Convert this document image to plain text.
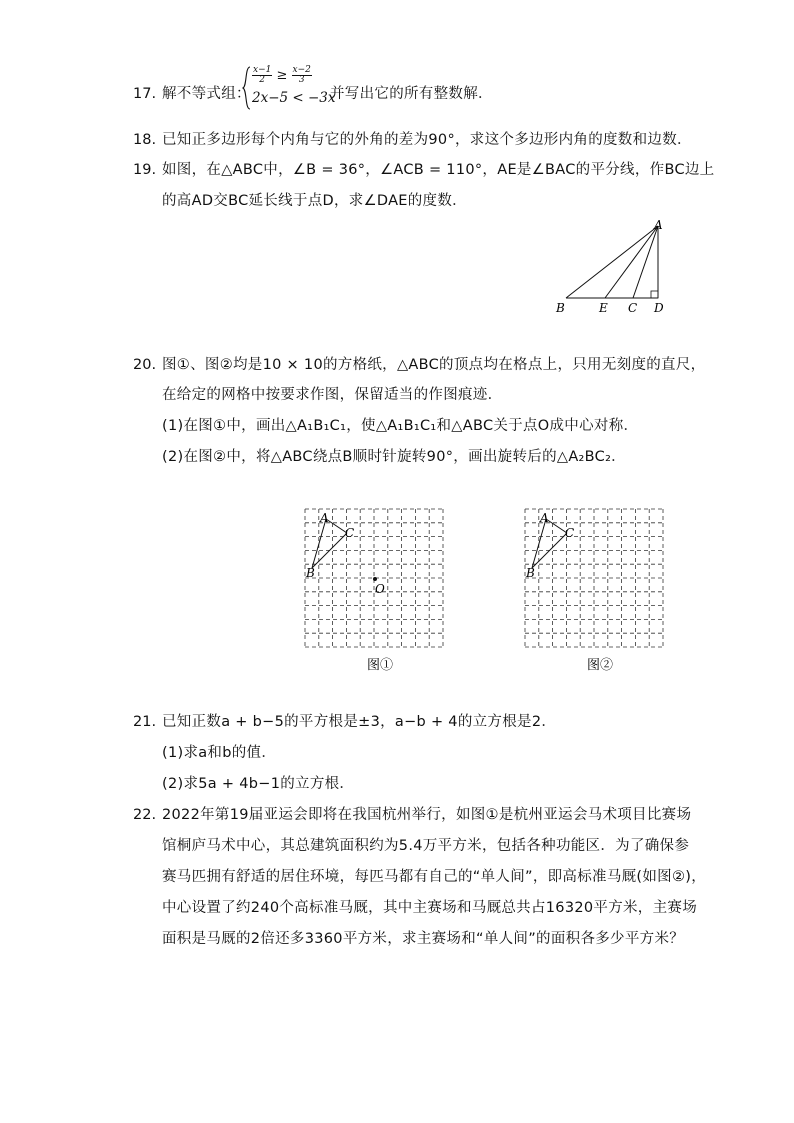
17. 解不等式组：
$\frac{x-1}{2} \ge \frac{x-2}{3}$
2x−5 < −3x
并写出它的所有整数解．
18. 已知正多边形每个内角与它的外角的差为90°，求这个多边形内角的度数和边数．
19. 如图，在△ABC中，∠B = 36°，∠ACB = 110°，AE是∠BAC的平分线，作BC边上
的高AD交BC延长线于点D，求∠DAE的度数．
A
B	E C D
20. 图①、图②均是10 × 10的方格纸，△ABC的顶点均在格点上，只用无刻度的直尺，
在给定的网格中按要求作图，保留适当的作图痕迹．
(1)在图①中，画出△A₁B₁C₁，使△A₁B₁C₁和△ABC关于点O成中心对称．
(2)在图②中，将△ABC绕点B顺时针旋转90°，画出旋转后的△A₂BC₂．
A
C
B
O
图①
A
C
B
图②
21. 已知正数a + b−5的平方根是±3，a−b + 4的立方根是2．
(1)求a和b的值．
(2)求5a + 4b−1的立方根．
22. 2022年第19届亚运会即将在我国杭州举行，如图①是杭州亚运会马术项目比赛场
馆桐庐马术中心，其总建筑面积约为5.4万平方米，包括各种功能区．为了确保参
赛马匹拥有舒适的居住环境，每匹马都有自己的“单人间”，即高标准马厩(如图②)，
中心设置了约240个高标准马厩，其中主赛场和马厩总共占16320平方米，主赛场
面积是马厩的2倍还多3360平方米，求主赛场和“单人间”的面积各多少平方米？
